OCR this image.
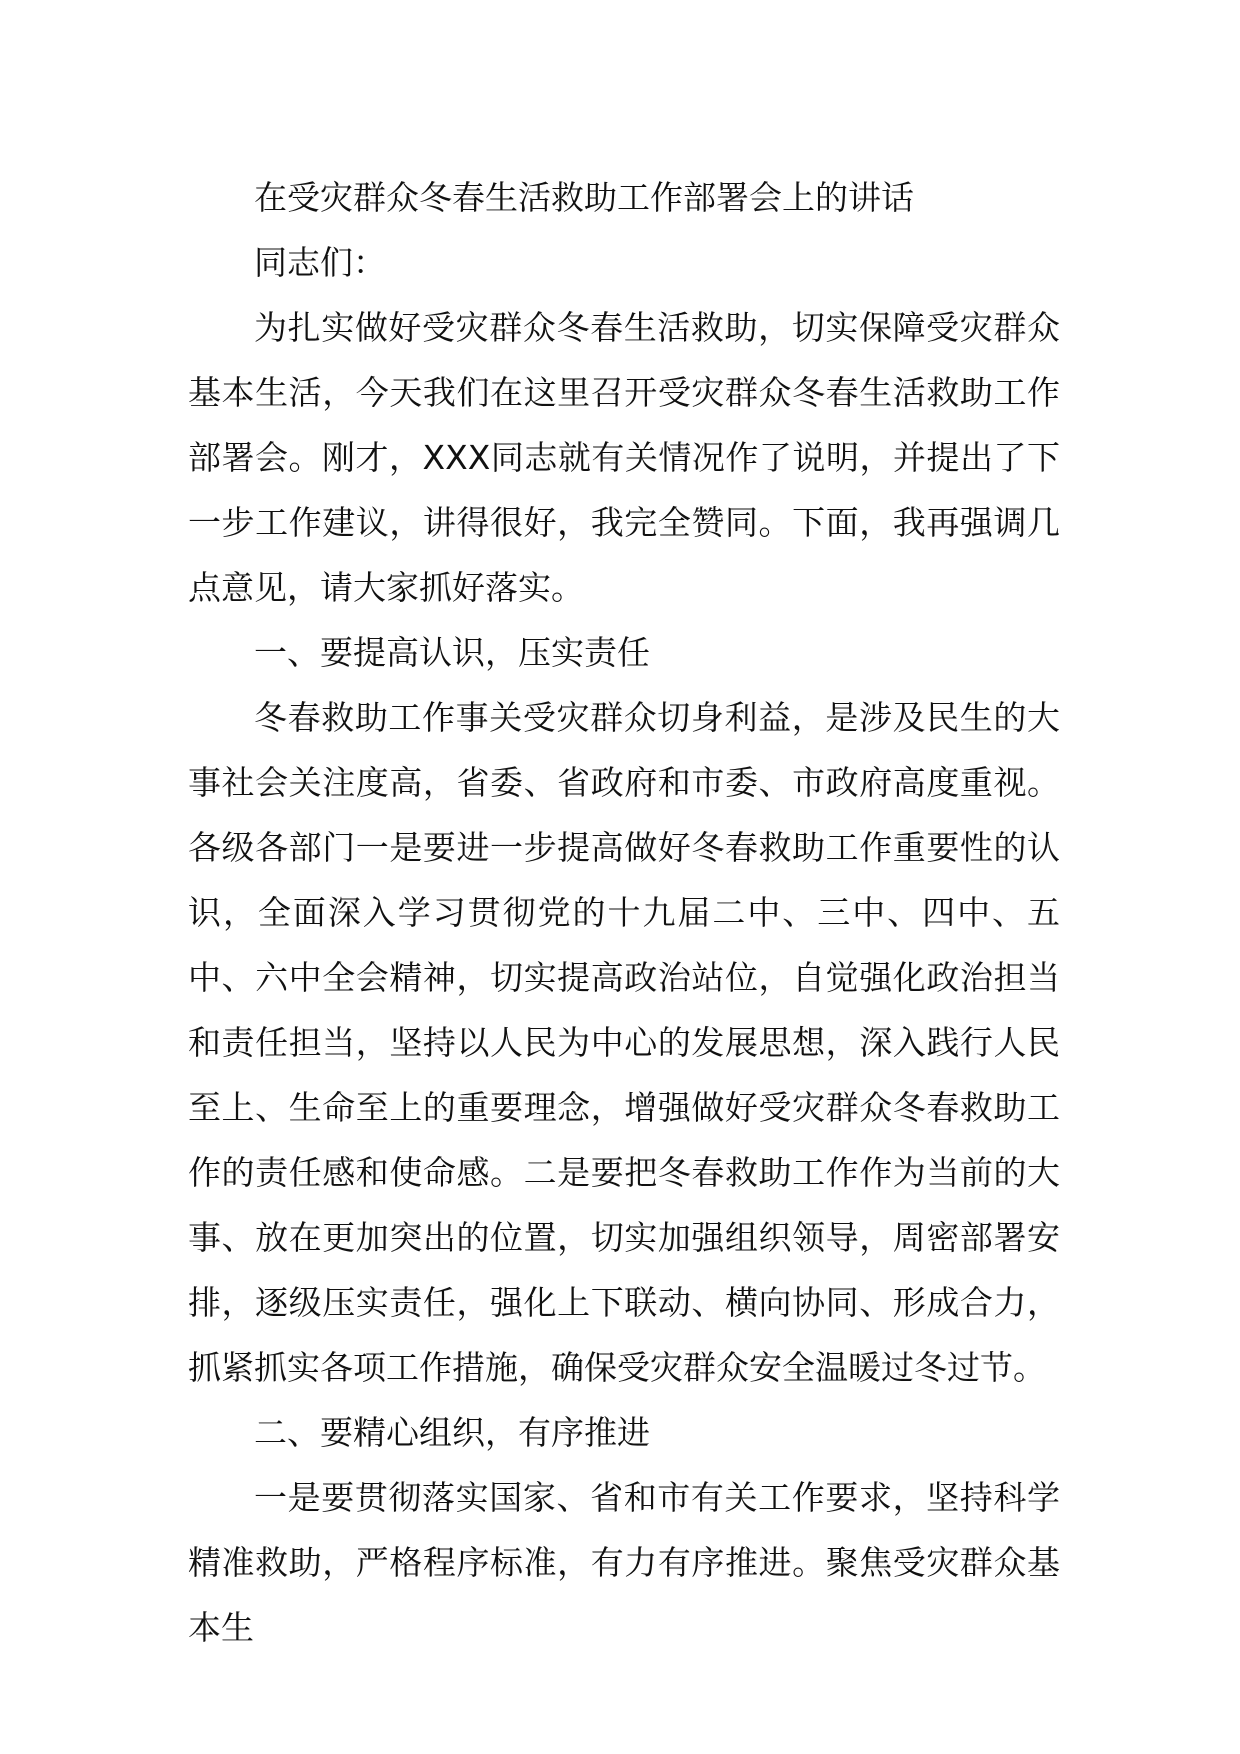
在受灾群众冬春生活救助工作部署会上的讲话

同志们：

为扎实做好受灾群众冬春生活救助，切实保障受灾群众基本生活，今天我们在这里召开受灾群众冬春生活救助工作部署会。刚才，XXX同志就有关情况作了说明，并提出了下一步工作建议，讲得很好，我完全赞同。下面，我再强调几点意见，请大家抓好落实。

一、要提高认识，压实责任

冬春救助工作事关受灾群众切身利益，是涉及民生的大事社会关注度高，省委、省政府和市委、市政府高度重视。各级各部门一是要进一步提高做好冬春救助工作重要性的认识，全面深入学习贯彻党的十九届二中、三中、四中、五中、六中全会精神，切实提高政治站位，自觉强化政治担当和责任担当，坚持以人民为中心的发展思想，深入践行人民至上、生命至上的重要理念，增强做好受灾群众冬春救助工作的责任感和使命感。二是要把冬春救助工作作为当前的大事、放在更加突出的位置，切实加强组织领导，周密部署安排，逐级压实责任，强化上下联动、横向协同、形成合力，抓紧抓实各项工作措施，确保受灾群众安全温暖过冬过节。

二、要精心组织，有序推进

一是要贯彻落实国家、省和市有关工作要求，坚持科学精准救助，严格程序标准，有力有序推进。聚焦受灾群众基本生
